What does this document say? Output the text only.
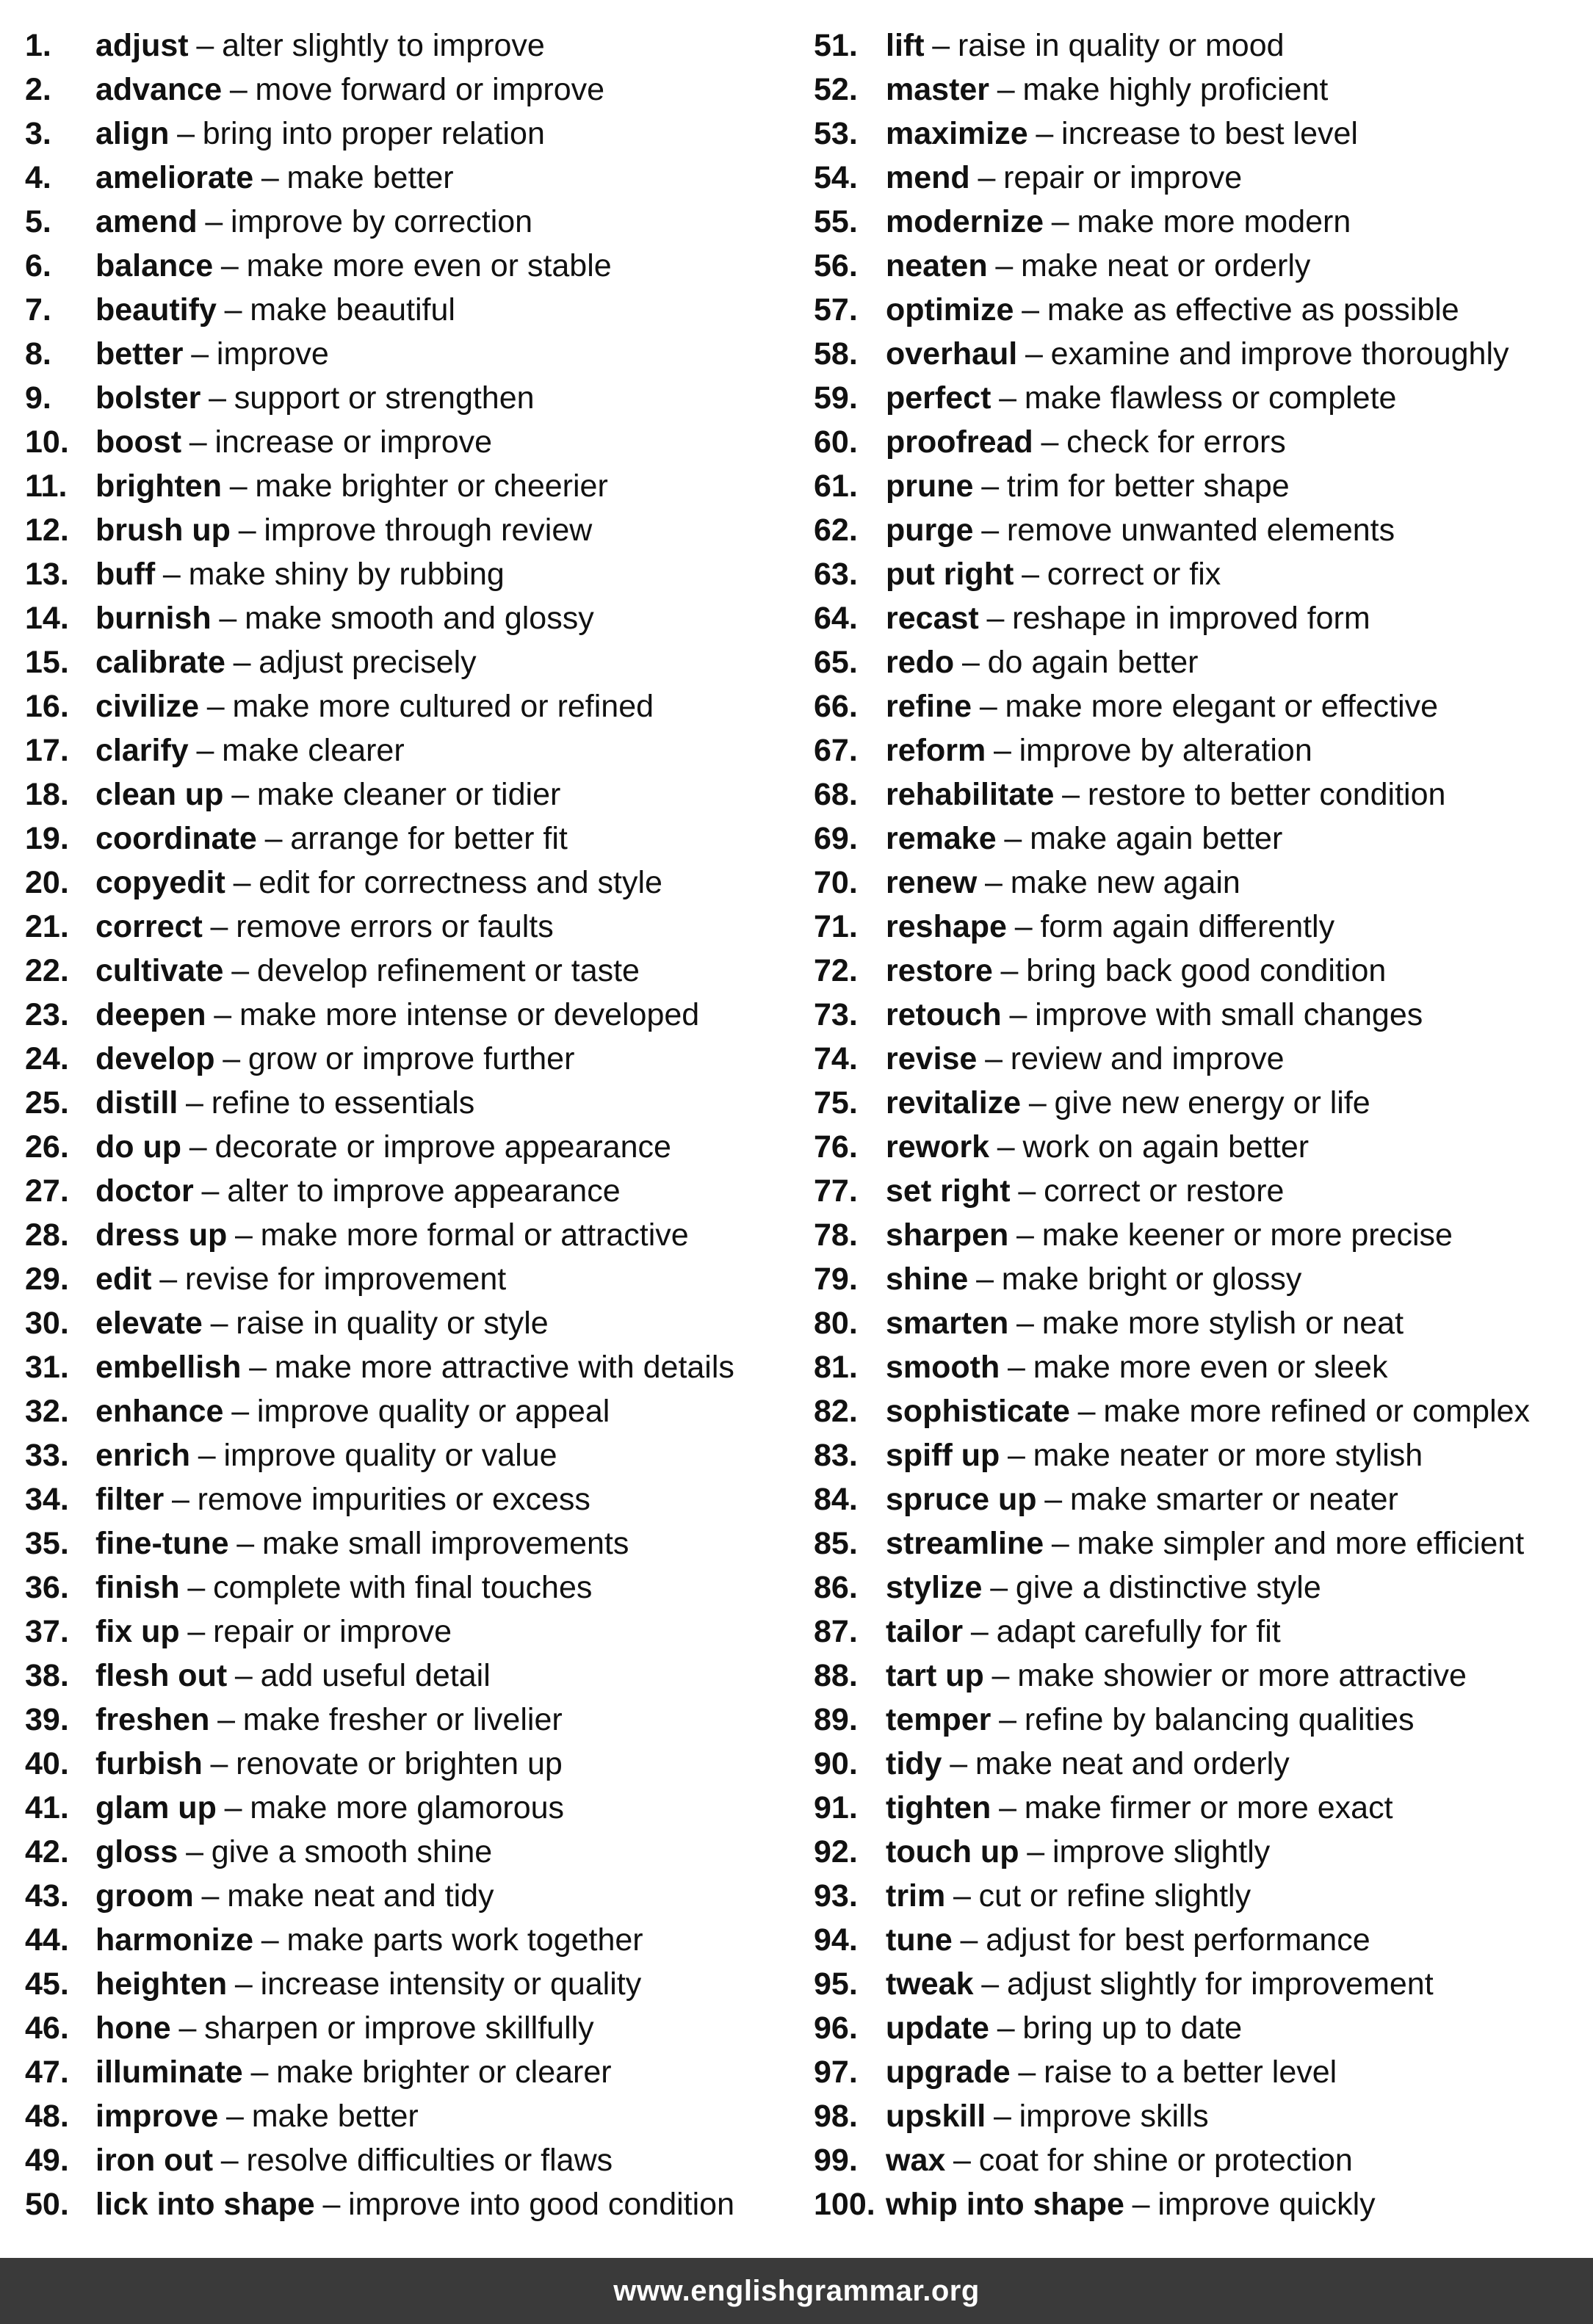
1.	adjust – alter slightly to improve
2.	advance – move forward or improve
3.	align – bring into proper relation
4.	ameliorate – make better
5.	amend – improve by correction
6.	balance – make more even or stable
7.	beautify – make beautiful
8.	better – improve
9.	bolster – support or strengthen
10. boost – increase or improve
11. brighten – make brighter or cheerier
12. brush up – improve through review
13. buff – make shiny by rubbing
14. burnish – make smooth and glossy
15. calibrate – adjust precisely
16. civilize – make more cultured or refined
17. clarify – make clearer
18. clean up – make cleaner or tidier
19. coordinate – arrange for better fit
20. copyedit – edit for correctness and style
21. correct – remove errors or faults
22. cultivate – develop refinement or taste
23. deepen – make more intense or developed
24. develop – grow or improve further
25. distill – refine to essentials
26. do up – decorate or improve appearance
27. doctor – alter to improve appearance
28. dress up – make more formal or attractive
29. edit – revise for improvement
30. elevate – raise in quality or style
31. embellish – make more attractive with details
32. enhance – improve quality or appeal
33. enrich – improve quality or value
34. filter – remove impurities or excess
35. fine-tune – make small improvements
36. finish – complete with final touches
37. fix up – repair or improve
38. flesh out – add useful detail
39. freshen – make fresher or livelier
40. furbish – renovate or brighten up
41. glam up – make more glamorous
42. gloss – give a smooth shine
43. groom – make neat and tidy
44. harmonize – make parts work together
45. heighten – increase intensity or quality
46. hone – sharpen or improve skillfully
47. illuminate – make brighter or clearer
48. improve – make better
49. iron out – resolve difficulties or flaws
50. lick into shape – improve into good condition
51. lift – raise in quality or mood
52. master – make highly proficient
53. maximize – increase to best level
54. mend – repair or improve
55. modernize – make more modern
56. neaten – make neat or orderly
57. optimize – make as effective as possible
58. overhaul – examine and improve thoroughly
59. perfect – make flawless or complete
60. proofread – check for errors
61. prune – trim for better shape
62. purge – remove unwanted elements
63. put right – correct or fix
64. recast – reshape in improved form
65. redo – do again better
66. refine – make more elegant or effective
67. reform – improve by alteration
68. rehabilitate – restore to better condition
69. remake – make again better
70. renew – make new again
71. reshape – form again differently
72. restore – bring back good condition
73. retouch – improve with small changes
74. revise – review and improve
75. revitalize – give new energy or life
76. rework – work on again better
77. set right – correct or restore
78. sharpen – make keener or more precise
79. shine – make bright or glossy
80. smarten – make more stylish or neat
81. smooth – make more even or sleek
82. sophisticate – make more refined or complex
83. spiff up – make neater or more stylish
84. spruce up – make smarter or neater
85. streamline – make simpler and more efficient
86. stylize – give a distinctive style
87. tailor – adapt carefully for fit
88. tart up – make showier or more attractive
89. temper – refine by balancing qualities
90. tidy – make neat and orderly
91. tighten – make firmer or more exact
92. touch up – improve slightly
93. trim – cut or refine slightly
94. tune – adjust for best performance
95. tweak – adjust slightly for improvement
96. update – bring up to date
97. upgrade – raise to a better level
98. upskill – improve skills
99. wax – coat for shine or protection
100. whip into shape – improve quickly
www.englishgrammar.org
